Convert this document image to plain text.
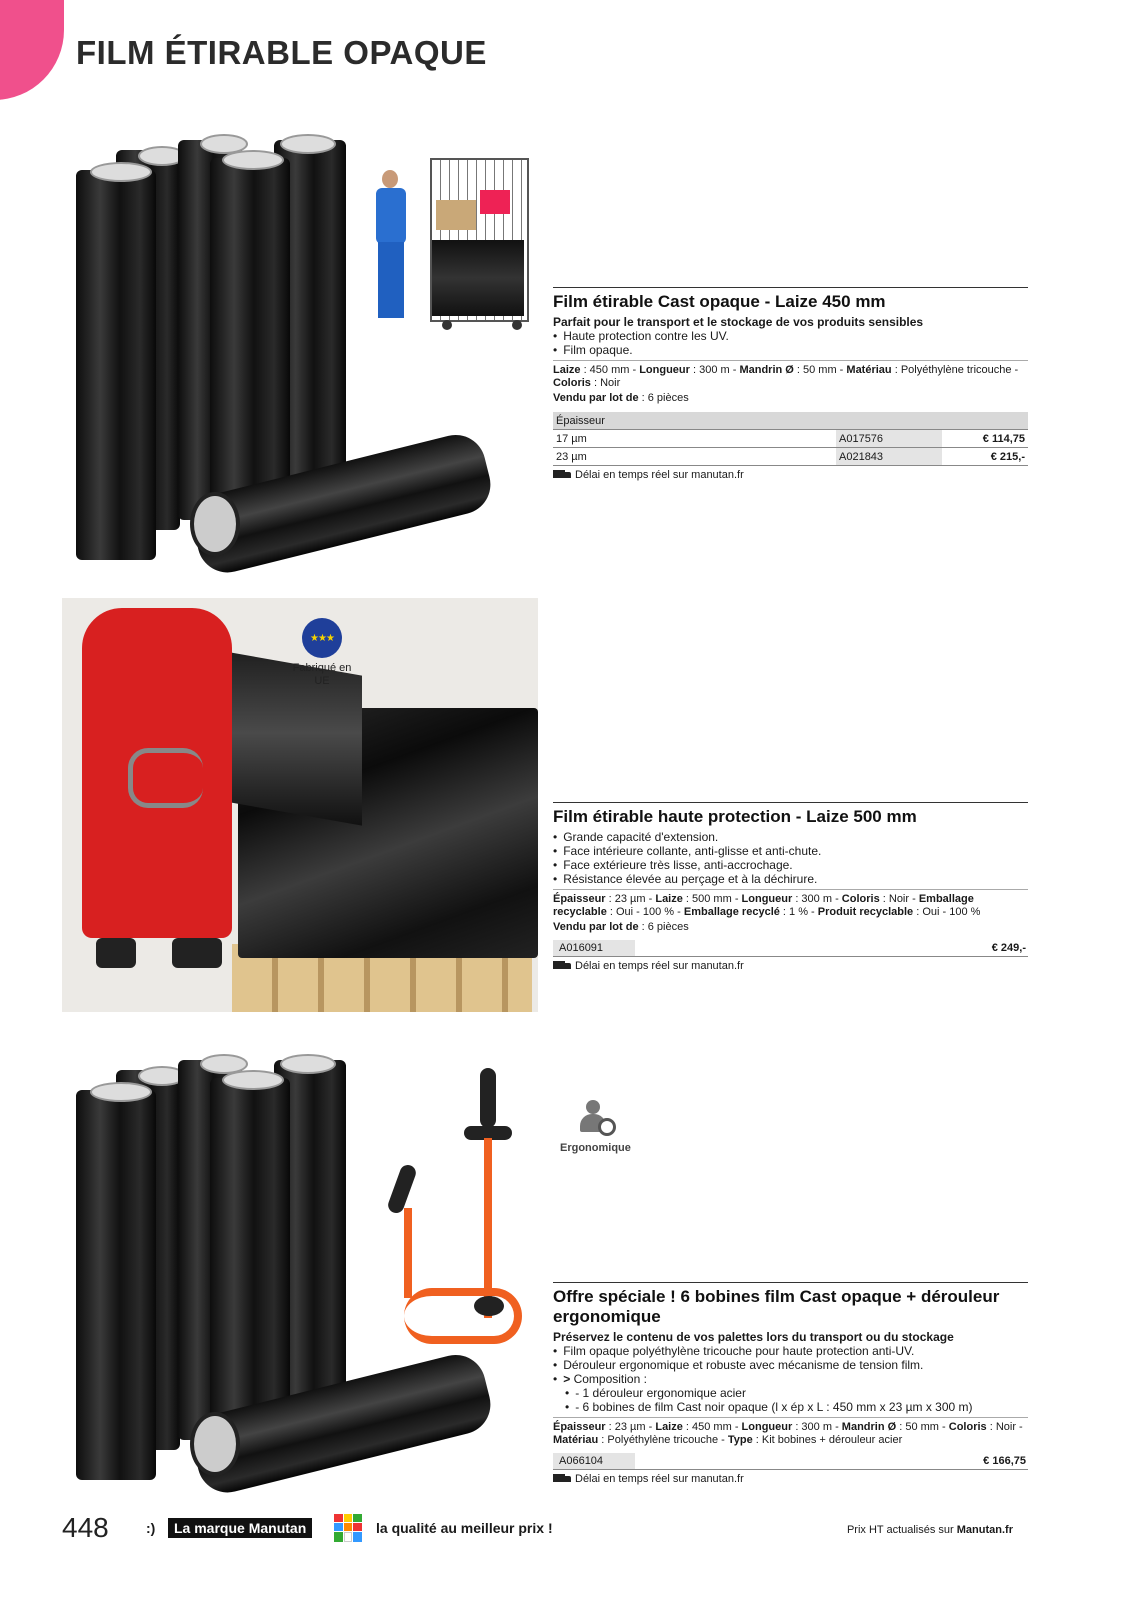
FILM ÉTIRABLE OPAQUE
Film étirable Cast opaque - Laize 450 mm
Parfait pour le transport et le stockage de vos produits sensibles
• Haute protection contre les UV.
• Film opaque.
Laize : 450 mm - Longueur : 300 m - Mandrin Ø : 50 mm - Matériau : Polyéthylène tricouche - Coloris : Noir
Vendu par lot de : 6 pièces
Épaisseur		
17 µm	A017576	€ 114,75
23 µm	A021843	€ 215,-
Délai en temps réel sur manutan.fr
★★★
Fabriqué en UE
Film étirable haute protection - Laize 500 mm
• Grande capacité d'extension.
• Face intérieure collante, anti-glisse et anti-chute.
• Face extérieure très lisse, anti-accrochage.
• Résistance élevée au perçage et à la déchirure.
Épaisseur : 23 µm - Laize : 500 mm - Longueur : 300 m - Coloris : Noir - Emballage recyclable : Oui - 100 % - Emballage recyclé : 1 % - Produit recyclable : Oui - 100 %
Vendu par lot de : 6 pièces
A016091	€ 249,-
Délai en temps réel sur manutan.fr
Ergonomique
Offre spéciale ! 6 bobines film Cast opaque + dérouleur ergonomique
Préservez le contenu de vos palettes lors du transport ou du stockage
• Film opaque polyéthylène tricouche pour haute protection anti-UV.
• Dérouleur ergonomique et robuste avec mécanisme de tension film.
• > Composition :
• - 1 dérouleur ergonomique acier
• - 6 bobines de film Cast noir opaque (l x ép x L : 450 mm x 23 µm x 300 m)
Épaisseur : 23 µm - Laize : 450 mm - Longueur : 300 m - Mandrin Ø : 50 mm - Coloris : Noir - Matériau : Polyéthylène tricouche - Type : Kit bobines + dérouleur acier
A066104	€ 166,75
Délai en temps réel sur manutan.fr
448	:)	La marque Manutan	la qualité au meilleur prix !	Prix HT actualisés sur Manutan.fr
